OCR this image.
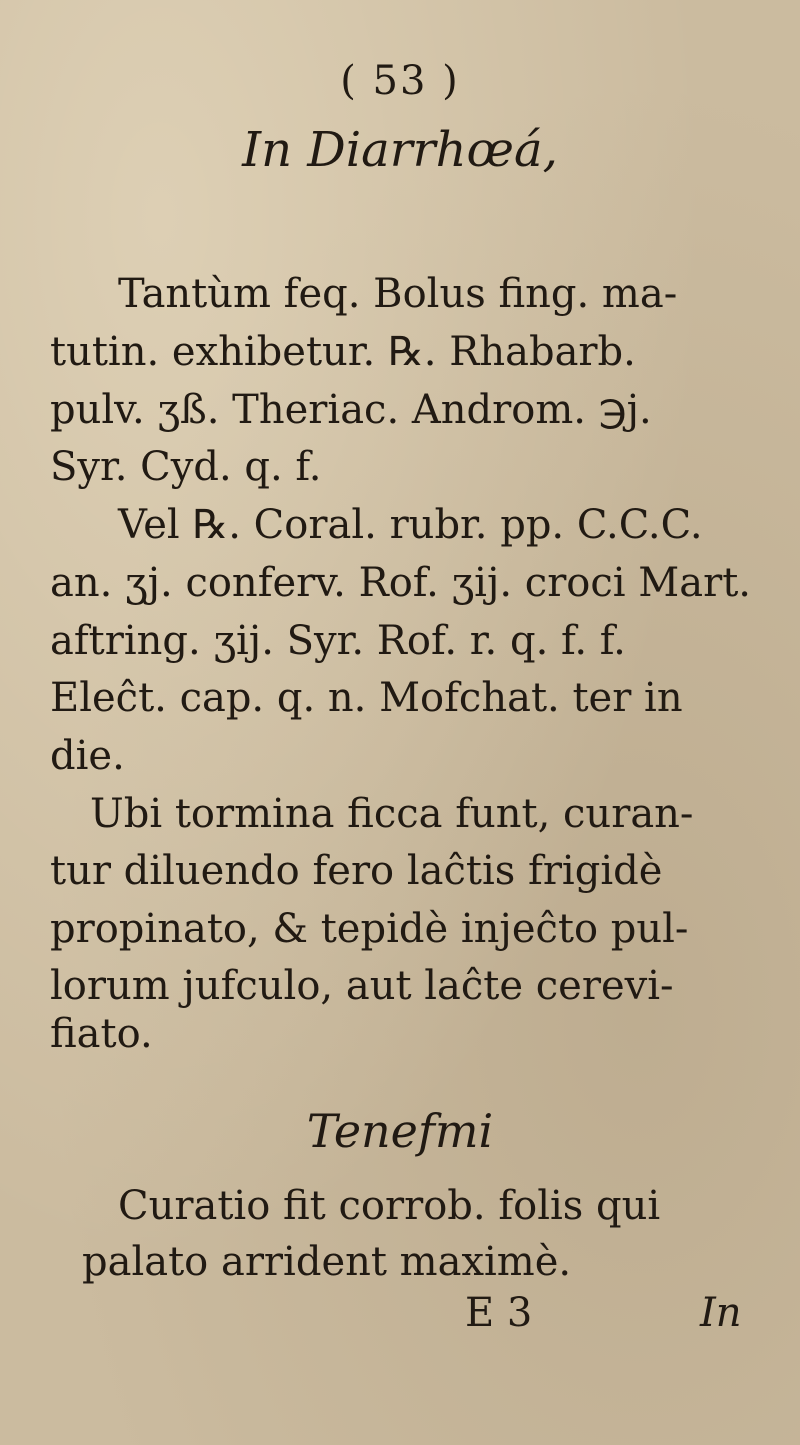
( 53 )
In Diarrhœá,
Tantùm feq. Bolus fing. ma-
tutin. exhibetur. ℞. Rhabarb.
pulv. ʒß. Theriac. Androm. ℈j.
Syr. Cyd. q. f.
Vel ℞. Coral. rubr. pp. C.C.C.
an. ʒj. conferv. Rof. ʒij. croci Mart.
aftring. ʒij. Syr. Rof. r. q. f. f.
Eleĉt. cap. q. n. Mofchat. ter in
die.
Ubi tormina ficca funt, curan-
tur diluendo fero laĉtis frigidè
propinato, & tepidè injeĉto pul-
lorum jufculo, aut laĉte cerevi-
fiato.
Tenefmi
Curatio fit corrob. folis qui
palato arrident maximè.
E 3	In
